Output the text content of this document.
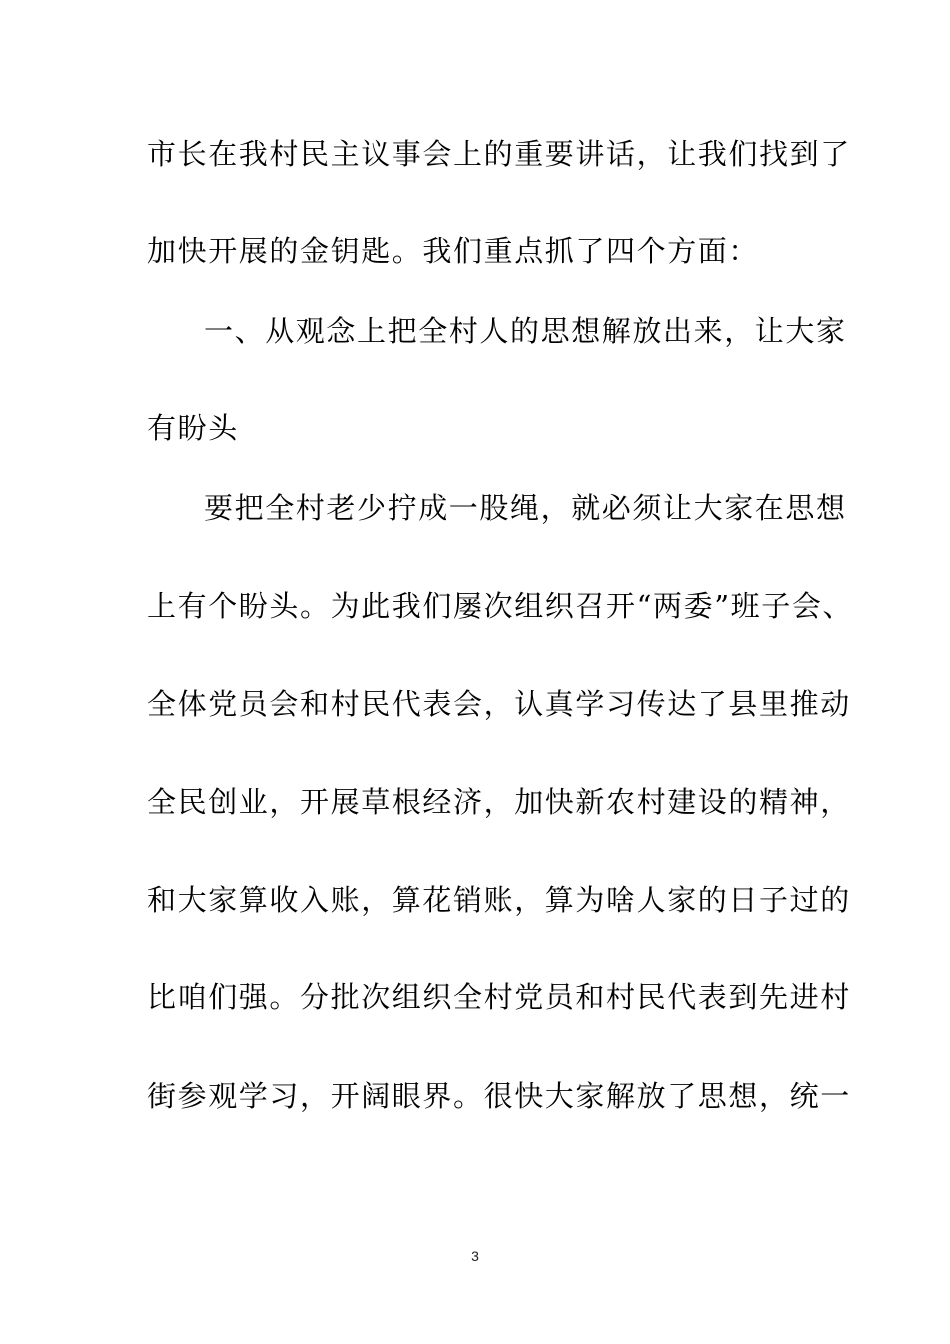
市长在我村民主议事会上的重要讲话，让我们找到了
加快开展的金钥匙。我们重点抓了四个方面：
一、从观念上把全村人的思想解放出来，让大家
有盼头
要把全村老少拧成一股绳，就必须让大家在思想
上有个盼头。为此我们屡次组织召开“两委”班子会、
全体党员会和村民代表会，认真学习传达了县里推动
全民创业，开展草根经济，加快新农村建设的精神，
和大家算收入账，算花销账，算为啥人家的日子过的
比咱们强。分批次组织全村党员和村民代表到先进村
街参观学习，开阔眼界。很快大家解放了思想，统一
3
